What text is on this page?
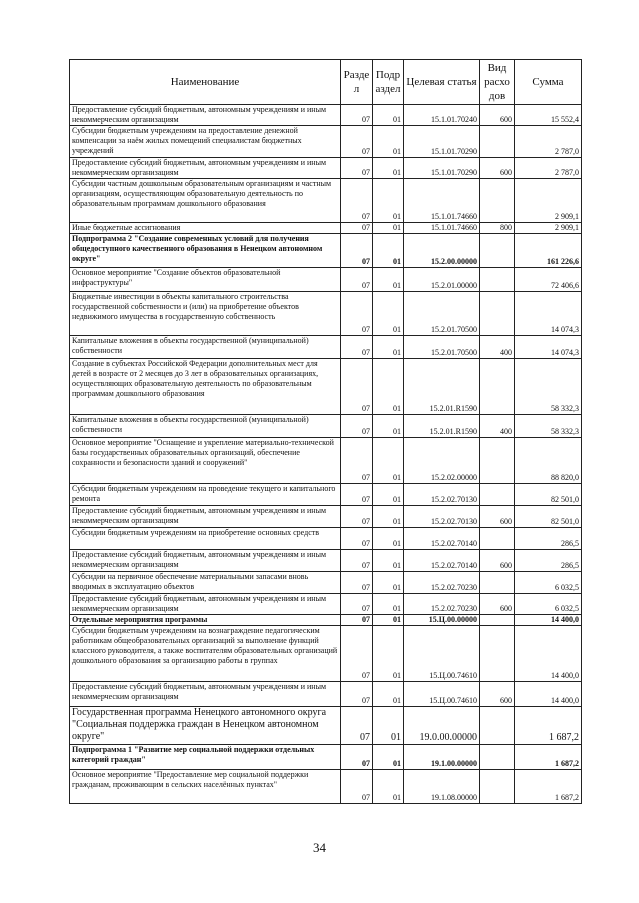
Наименование	Разде л	Подр аздел	Целевая статья	Вид расхо дов	Сумма
Предоставление субсидий бюджетным, автономным учреждениям и иным некоммерческим организациям	07	01	15.1.01.70240	600	15 552,4
Субсидии бюджетным учреждениям на предоставление денежной компенсации за наём жилых помещений специалистам бюджетных учреждений	07	01	15.1.01.70290		2 787,0
Предоставление субсидий бюджетным, автономным учреждениям и иным некоммерческим организациям	07	01	15.1.01.70290	600	2 787,0
Субсидии частным дошкольным образовательным организациям и частным организациям, осуществляющим образовательную деятельность по образовательным программам дошкольного образования	07	01	15.1.01.74660		2 909,1
Иные бюджетные ассигнования	07	01	15.1.01.74660	800	2 909,1
Подпрограмма 2 "Создание современных условий для получения общедоступного качественного образования в Ненецком автономном округе"	07	01	15.2.00.00000		161 226,6
Основное мероприятие "Создание объектов образовательной инфраструктуры"	07	01	15.2.01.00000		72 406,6
Бюджетные инвестиции в объекты капитального строительства государственной собственности и (или) на приобретение объектов недвижимого имущества в государственную собственность	07	01	15.2.01.70500		14 074,3
Капитальные вложения в объекты государственной (муниципальной) собственности	07	01	15.2.01.70500	400	14 074,3
Создание в субъектах Российской Федерации дополнительных мест для детей в возрасте от 2 месяцев до 3 лет в образовательных организациях, осуществляющих образовательную деятельность по образовательным программам дошкольного образования	07	01	15.2.01.R1590		58 332,3
Капитальные вложения в объекты государственной (муниципальной) собственности	07	01	15.2.01.R1590	400	58 332,3
Основное мероприятие "Оснащение и укрепление материально-технической базы государственных образовательных организаций, обеспечение сохранности и безопасности зданий и сооружений"	07	01	15.2.02.00000		88 820,0
Субсидии бюджетным учреждениям на проведение текущего и капитального ремонта	07	01	15.2.02.70130		82 501,0
Предоставление субсидий бюджетным, автономным учреждениям и иным некоммерческим организациям	07	01	15.2.02.70130	600	82 501,0
Субсидии бюджетным учреждениям на приобретение основных средств	07	01	15.2.02.70140		286,5
Предоставление субсидий бюджетным, автономным учреждениям и иным некоммерческим организациям	07	01	15.2.02.70140	600	286,5
Субсидии на первичное обеспечение материальными запасами вновь вводимых в эксплуатацию объектов	07	01	15.2.02.70230		6 032,5
Предоставление субсидий бюджетным, автономным учреждениям и иным некоммерческим организациям	07	01	15.2.02.70230	600	6 032,5
Отдельные мероприятия программы	07	01	15.Ц.00.00000		14 400,0
Субсидии бюджетным учреждениям на вознаграждение педагогическим работникам общеобразовательных организаций за выполнение функций классного руководителя, а также воспитателям образовательных организаций дошкольного образования за организацию работы в группах	07	01	15.Ц.00.74610		14 400,0
Предоставление субсидий бюджетным, автономным учреждениям и иным некоммерческим организациям	07	01	15.Ц.00.74610	600	14 400,0
Государственная программа Ненецкого автономного округа "Социальная поддержка граждан в Ненецком автономном округе"	07	01	19.0.00.00000		1 687,2
Подпрограмма 1 "Развитие мер социальной поддержки отдельных категорий граждан"	07	01	19.1.00.00000		1 687,2
Основное мероприятие "Предоставление мер социальной поддержки гражданам, проживающим в сельских населённых пунктах"	07	01	19.1.08.00000		1 687,2
34
